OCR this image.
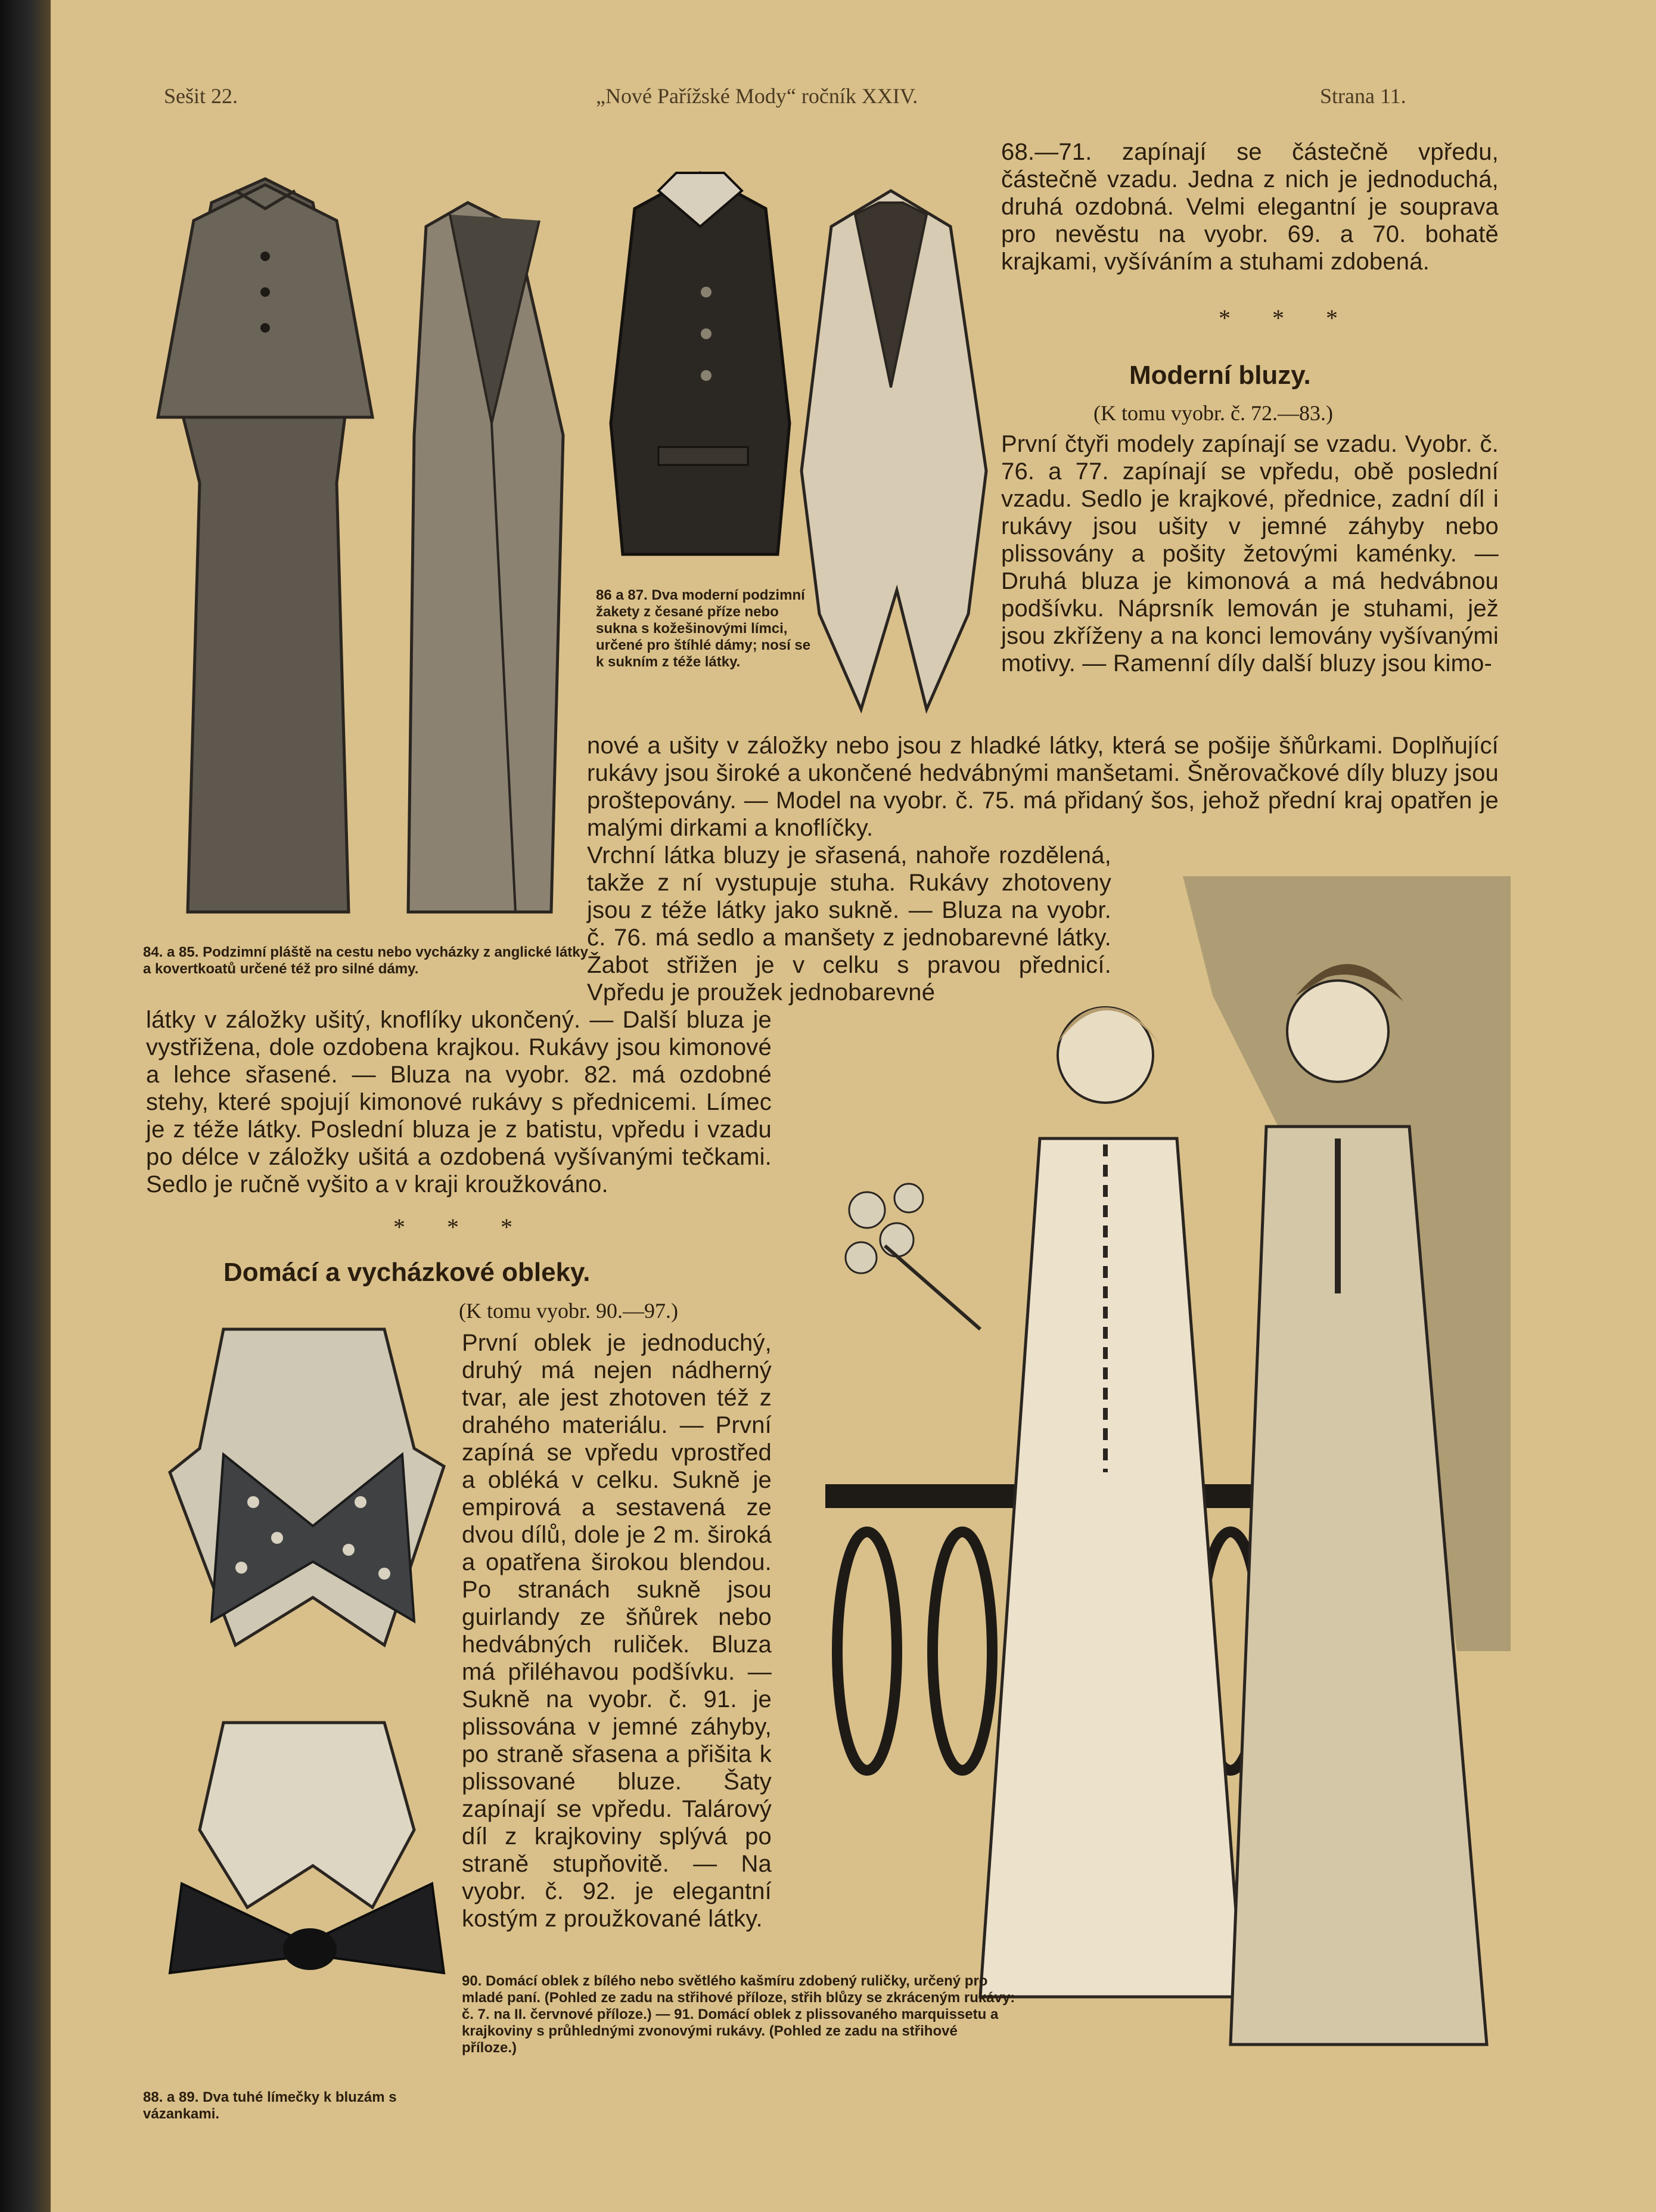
Sešit 22.	„Nové Pařížské Mody“ ročník XXIV.	Strana 11.
86 a 87. Dva moderní podzimní žakety z česané příze nebo sukna s kožešinovými límci, určené pro štíhlé dámy; nosí se k sukním z téže látky.
68.—71. zapínají se částečně vpředu, částečně vzadu. Jedna z nich je jednoduchá, druhá ozdobná. Velmi elegantní je souprava pro nevěstu na vyobr. 69. a 70. bohatě krajkami, vyšíváním a stuhami zdobená.
* * *
Moderní bluzy.
(K tomu vyobr. č. 72.—83.)
První čtyři modely zapínají se vzadu. Vyobr. č. 76. a 77. zapínají se vpředu, obě poslední vzadu. Sedlo je krajkové, přednice, zadní díl i rukávy jsou ušity v jemné záhyby nebo plissovány a pošity žetovými kaménky. — Druhá bluza je kimonová a má hedvábnou podšívku. Náprsník lemován je stuhami, jež jsou zkříženy a na konci lemovány vyšívanými motivy. — Ramenní díly další bluzy jsou kimo-
nové a ušity v záložky nebo jsou z hladké látky, která se pošije šňůrkami. Doplňující rukávy jsou široké a ukončené hedvábnými manšetami. Šněrovačkové díly bluzy jsou proštepovány. — Model na vyobr. č. 75. má přidaný šos, jehož přední kraj opatřen je malými dirkami a knoflíčky.
84. a 85. Podzimní pláště na cestu nebo vycházky z anglické látky a kovertkoatů určené též pro silné dámy.
Vrchní látka bluzy je sřasená, nahoře rozdělená, takže z ní vystupuje stuha. Rukávy zhotoveny jsou z téže látky jako sukně. — Bluza na vyobr. č. 76. má sedlo a manšety z jednobarevné látky. Žabot střižen je v celku s pravou přednicí. Vpředu je proužek jednobarevné
látky v záložky ušitý, knoflíky ukončený. — Další bluza je vystřižena, dole ozdobena krajkou. Rukávy jsou kimonové a lehce sřasené. — Bluza na vyobr. 82. má ozdobné stehy, které spojují kimonové rukávy s přednicemi. Límec je z téže látky. Poslední bluza je z batistu, vpředu i vzadu po délce v záložky ušitá a ozdobená vyšívanými tečkami. Sedlo je ručně vyšito a v kraji kroužkováno.
* * *
Domácí a vycházkové obleky.
(K tomu vyobr. 90.—97.)
První oblek je jednoduchý, druhý má nejen nádherný tvar, ale jest zhotoven též z drahého materiálu. — První zapíná se vpředu vprostřed a obléká v celku. Sukně je empirová a sestavená ze dvou dílů, dole je 2 m. široká a opatřena širokou blendou. Po stranách sukně jsou guirlandy ze šňůrek nebo hedvábných ruliček. Bluza má přiléhavou podšívku. — Sukně na vyobr. č. 91. je plissována v jemné záhyby, po straně sřasena a přišita k plissované bluze. Šaty zapínají se vpředu. Talárový díl z krajkoviny splývá po straně stupňovitě. — Na vyobr. č. 92. je elegantní kostým z proužkované látky.
88. a 89. Dva tuhé límečky k bluzám s vázankami.
90. Domácí oblek z bílého nebo světlého kašmíru zdobený ruličky, určený pro mladé paní. (Pohled ze zadu na střihové příloze, střih blůzy se zkráceným rukávy: č. 7. na II. červnové příloze.) — 91. Domácí oblek z plissovaného marquissetu a krajkoviny s průhlednými zvonovými rukávy. (Pohled ze zadu na střihové příloze.)
